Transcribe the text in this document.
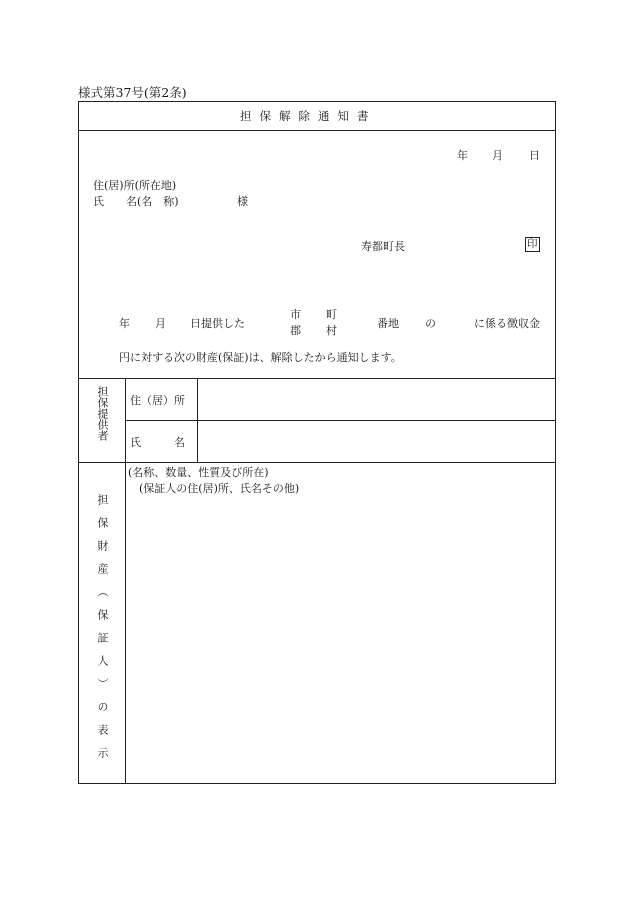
様式第37号(第2条)
担保解除通知書
年 月 日
住(居)所(所在地)
氏　　名(名　称)	様
寿都町長	印
年 月 日提供した
市
郡
町
村
番地 の	に係る徴収金
円に対する次の財産(保証)は、解除したから通知します。
担保提供者 住（居）所
氏　　　名
担保財産（保証人）の表示
(名称、数量、性質及び所在)
(保証人の住(居)所、氏名その他)
